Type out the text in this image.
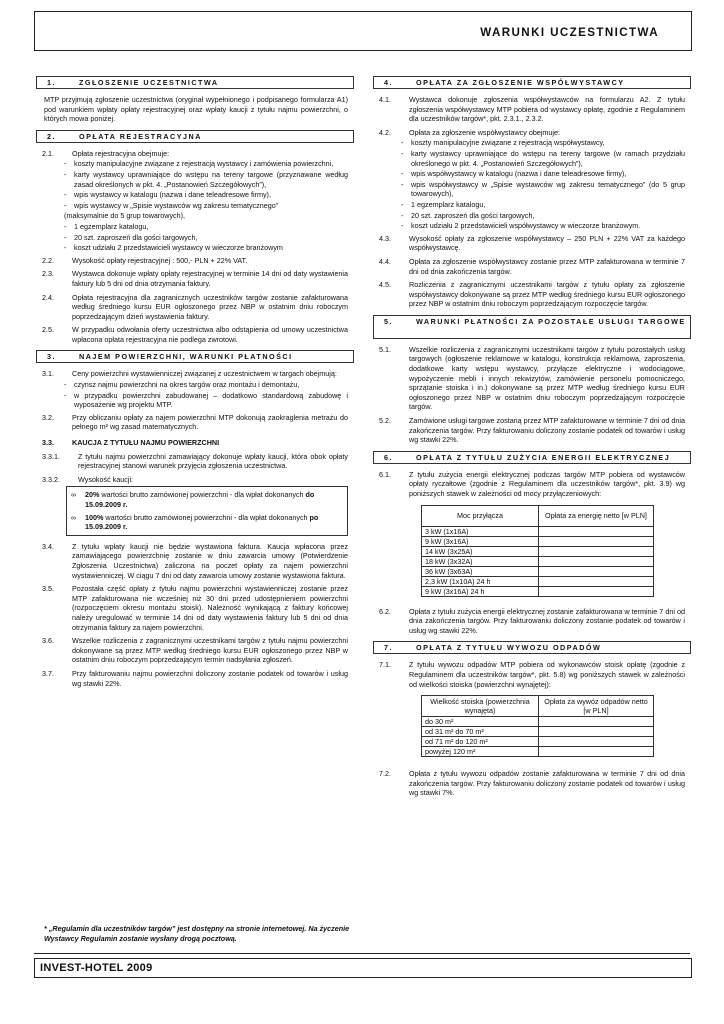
WARUNKI UCZESTNICTWA
1.	ZGŁOSZENIE UCZESTNICTWA

MTP przyjmują zgłoszenie uczestnictwa (oryginał wypełnionego i podpisanego formularza A1) pod warunkiem wpłaty opłaty rejestracyjnej oraz wpłaty kaucji z tytułu najmu powierzchni, o których mowa poniżej.

2.	OPŁATA REJESTRACYJNA
2.1.	Opłata rejestracyjna obejmuje:
- koszty manipulacyjne związane z rejestracją wystawcy i zamówienia powierzchni,
- karty wystawcy uprawniające do wstępu na tereny targowe (przyznawane według zasad określonych w pkt. 4. „Postanowień Szczegółowych”),
- wpis wystawcy w katalogu (nazwa i dane teleadresowe firmy),
- wpis wystawcy w „Spisie wystawców wg zakresu tematycznego”
(maksymalnie do 5 grup towarowych),
- 1 egzemplarz katalogu,
- 20 szt. zaproszeń dla gości targowych,
- koszt udziału 2 przedstawicieli wystawcy w wieczorze branżowym
2.2.	Wysokość opłaty rejestracyjnej : 500,- PLN + 22% VAT.
2.3.	Wystawca dokonuje wpłaty opłaty rejestracyjnej w terminie 14 dni od daty wystawienia faktury lub 5 dni od dnia otrzymania faktury.
2.4.	Opłata rejestracyjna dla zagranicznych uczestników targów zostanie zafakturowana według średniego kursu EUR ogłoszonego przez NBP w ostatnim dniu roboczym poprzedzającym dzień wystawienia faktury.
2.5.	W przypadku odwołania oferty uczestnictwa albo odstąpienia od umowy uczestnictwa wpłacona opłata rejestracyjna nie podlega zwrotowi.
3.	NAJEM POWIERZCHNI, WARUNKI PŁATNOŚCI
3.1.	Ceny powierzchni wystawienniczej związanej z uczestnictwem w targach obejmują:
- czynsz najmu powierzchni na okres targów oraz montażu i demontażu,
- w przypadku powierzchni zabudowanej – dodatkowo standardową zabudowę i wyposażenie wg projektu MTP.
3.2.	Przy obliczaniu opłaty za najem powierzchni MTP dokonują zaokraglenia metrażu do pełnego m² wg zasad matematycznych.
3.3.	KAUCJA Z TYTUŁU NAJMU POWIERZCHNI
3.3.1.	Z tytułu najmu powierzchni zamawiający dokonuje wpłaty kaucji, która obok opłaty rejestracyjnej stanowi warunek przyjęcia zgłoszenia uczestnictwa.
3.3.2.	Wysokość kaucji:
∞	20% wartości brutto zamówionej powierzchni - dla wpłat dokonanych do 15.09.2009 r.
∞	100% wartości brutto zamówionej powierzchni - dla wpłat dokonanych po 15.09.2009 r.
3.4.	Z tytułu wpłaty kaucji nie będzie wystawiona faktura. Kaucja wpłacona przez zamawiającego powierzchnię zostanie w dniu zawarcia umowy (Potwierdzenie Zgłoszenia Uczestnictwa) zaliczona na poczet opłaty za najem powierzchni wystawienniczej. W ciągu 7 dni od daty zawarcia umowy zostanie wystawiona faktura.
3.5.	Pozostała część opłaty z tytułu najmu powierzchni wystawienniczej zostanie przez MTP zafakturowana nie wcześniej niż 30 dni przed udostępnieniem powierzchni (rozpoczęciem okresu montażu stoisk). Należność wynikającą z faktury końcowej należy uregulować w terminie 14 dni od daty wystawienia faktury lub 5 dni od dnia otrzymania faktury za najem powierzchni.
3.6.	Wszelkie rozliczenia z zagranicznymi uczestnikami targów z tytułu najmu powierzchni dokonywane są przez MTP według średniego kursu EUR ogłoszonego przez NBP w ostatnim dniu roboczym poprzedzającym termin nadsyłania zgłoszeń.
3.7.	Przy fakturowaniu najmu powierzchni doliczony zostanie podatek od towarów i usług wg stawki 22%.
* „Regulamin dla uczestników targów” jest dostępny na stronie internetowej. Na życzenie Wystawcy Regulamin zostanie wysłany drogą pocztową.
4.	OPŁATA ZA ZGŁOSZENIE WSPÓŁWYSTAWCY
4.1.	Wystawca dokonuje zgłoszenia współwystawców na formularzu A2. Z tytułu zgłoszenia współwystawcy MTP pobiera od wystawcy opłatę, zgodnie z Regulaminem dla uczestników targów*, pkt. 2.3.1., 2.3.2.
4.2.	Opłata za zgłoszenie współwystawcy obejmuje:
- koszty manipulacyjne związane z rejestracją współwystawcy,
- karty wystawcy uprawniające do wstępu na tereny targowe (w ramach przydziału określonego w pkt. 4. „Postanowień Szczegółowych”),
- wpis współwystawcy w katalogu (nazwa i dane teleadresowe firmy),
- wpis współwystawcy w „Spisie wystawców wg zakresu tematycznego” (do 5 grup towarowych),
- 1 egzemplarz katalogu,
- 20 szt. zaproszeń dla gości targowych,
- koszt udziału 2 przedstawicieli współwystawcy w wieczorze branżowym.
4.3.	Wysokość opłaty za zgłoszenie współwystawcy – 250 PLN + 22% VAT za każdego współwystawcę.
4.4.	Opłata za zgłoszenie współwystawcy zostanie przez MTP zafakturowana w terminie 7 dni od dnia zakończenia targów.
4.5.	Rozliczenia z zagranicznymi uczestnikami targów z tytułu opłaty za zgłoszenie współwystawcy dokonywane są przez MTP według średniego kursu EUR ogłoszonego przez NBP w ostatnim dniu roboczym poprzedzającym rozpoczęcie targów.
5.	WARUNKI PŁATNOŚCI ZA POZOSTAŁE USŁUGI TARGOWE
5.1.	Wszelkie rozliczenia z zagranicznymi uczestnikami targów z tytułu pozostałych usług targowych (ogłoszenie reklamowe w katalogu, konstrukcja reklamowa, zaproszenia, dodatkowe karty wstępu wystawcy, przyłącze elektryczne i wodociągowe, wypożyczenie mebli i innych rekwizytów, zamówienie personelu pomocniczego, sprzątanie stoiska i in.) dokonywane są przez MTP według średniego kursu EUR ogłoszonego przez NBP w ostatnim dniu roboczym poprzedzającym rozpoczęcie targów.
5.2.	Zamówione usługi targowe zostaną przez MTP zafakturowane w terminie 7 dni od dnia zakończenia targów. Przy fakturowaniu doliczony zostanie podatek od towarów i usług wg stawki 22%.
6.	OPŁATA Z TYTUŁU ZUŻYCIA ENERGII ELEKTRYCZNEJ
6.1.	Z tytułu zużycia energii elektrycznej podczas targów MTP pobiera od wystawców opłaty ryczałtowe (zgodnie z Regulaminem dla uczestników targów*, pkt. 3.9) wg poniższych stawek w zależności od mocy przyłączeniowych:
Moc przyłącza	Opłata za energię netto [w PLN]
3 kW (1x16A)	
9 kW (3x16A)	
14 kW (3x25A)	
18 kW (3x32A)	
36 kW (3x63A)	
2,3 kW (1x10A) 24 h	
9 kW (3x16A) 24 h	
6.2.	Opłata z tytułu zużycia energii elektrycznej zostanie zafakturowana w terminie 7 dni od dnia zakończenia targów. Przy fakturowaniu doliczony zostanie podatek od towarów i usług wg stawki 22%.
7.	OPŁATA Z TYTUŁU WYWOZU ODPADÓW
7.1.	Z tytułu wywozu odpadów MTP pobiera od wykonawców stoisk opłatę (zgodnie z Regulaminem dla uczestników targów*, pkt. 5.8) wg poniższych stawek w zależności od wielkości stoiska (powierzchni wynajętej):
Wielkość stoiska (powierzchnia wynajęta)	Opłata za wywóz odpadów netto [w PLN]
do 30 m²	
od 31 m² do 70 m²	
od 71 m² do 120 m²	
powyżej 120 m²	
7.2.	Opłata z tytułu wywozu odpadów zostanie zafakturowana w terminie 7 dni od dnia zakończenia targów. Przy fakturowaniu doliczony zostanie podatek od towarów i usług wg stawki 7%.
INVEST-HOTEL 2009
